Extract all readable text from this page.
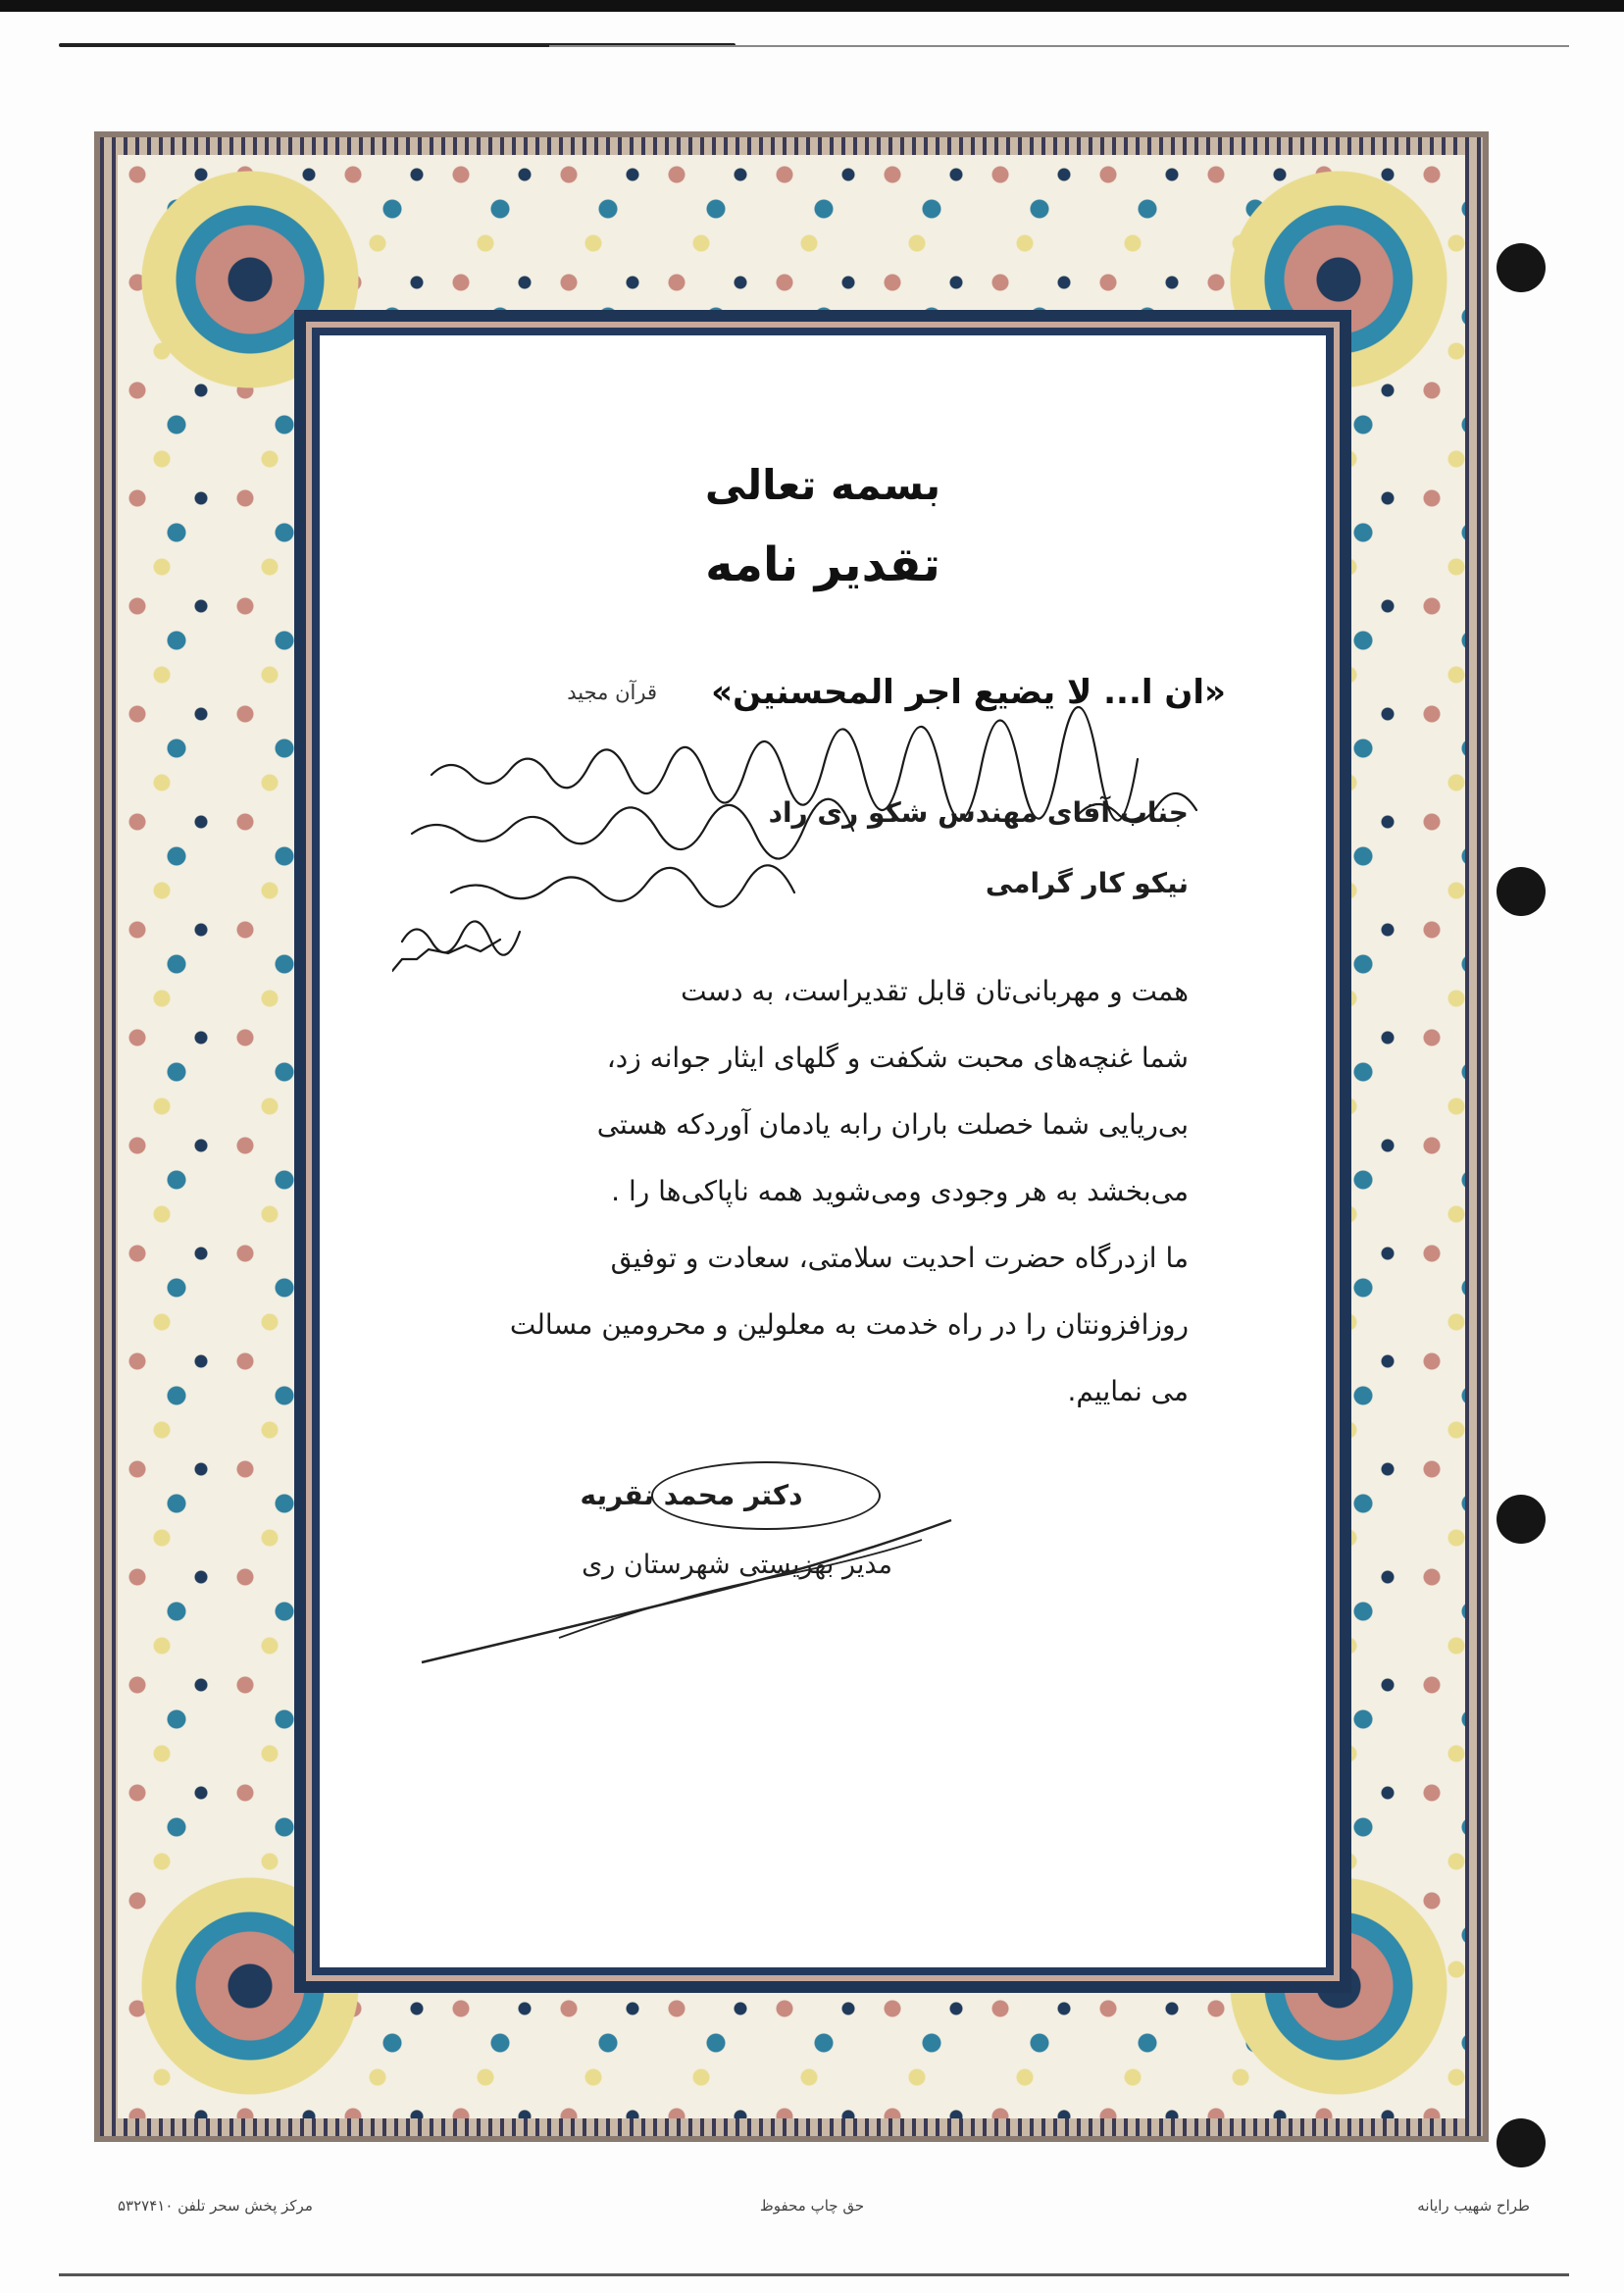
بسمه تعالی
تقدیر نامه
«ان ا... لا یضیع اجر المحسنین»
قرآن مجید
جناب آقای مهندس شکو ری راد
نیکو کار گرامی
همت و مهربانی‌تان قابل تقدیراست، به دست
شما غنچه‌های محبت شکفت و گلهای ایثار جوانه زد،
بی‌ریایی شما خصلت باران رابه یادمان آوردکه هستی
می‌بخشد به هر وجودی ومی‌شوید همه ناپاکی‌ها را .
ما ازدرگاه حضرت احدیت سلامتی، سعادت و توفیق
روزافزونتان را در راه خدمت به معلولین و محرومین مسالت
می نماییم.
دکتر محمد نقریه
مدیر بهزیستی شهرستان ری
طراح شهیب رایانه
حق چاپ محفوظ
مرکز پخش سحر تلفن ۵۳۲۷۴۱۰
